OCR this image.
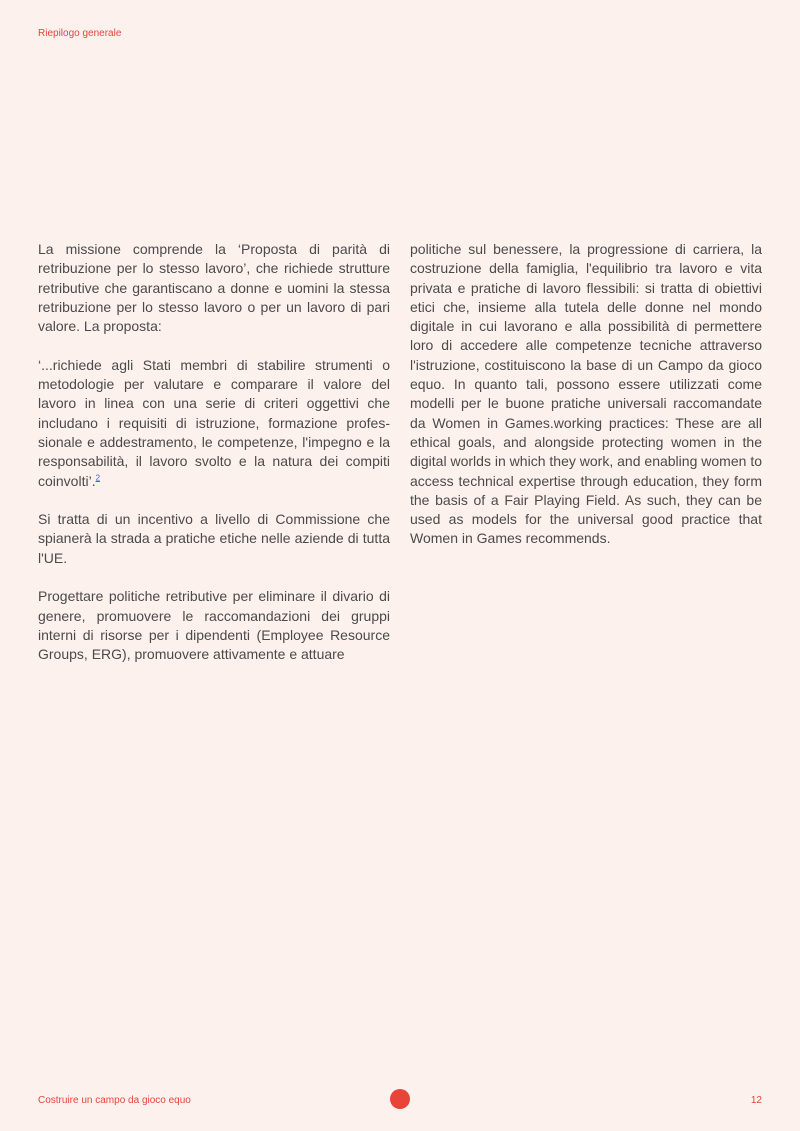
Riepilogo generale

La missione comprende la ‘Proposta di parità di retribuzione per lo stesso lavoro’, che richiede strutture retributive che garantiscano a donne e uomini la stessa retribuzione per lo stesso lavoro o per un lavoro di pari valore. La proposta:

‘...richiede agli Stati membri di stabilire strumenti o metodologie per valutare e comparare il valore del lavoro in linea con una serie di criteri oggettivi che includano i requisiti di istruzione, formazione profes-sionale e addestramento, le competenze, l'impegno e la responsabilità, il lavoro svolto e la natura dei compiti coinvolti’.$^2$

Si tratta di un incentivo a livello di Commissione che spianerà la strada a pratiche etiche nelle aziende di tutta l'UE.

Progettare politiche retributive per eliminare il divario di genere, promuovere le raccomandazioni dei gruppi interni di risorse per i dipendenti (Employee Resource Groups, ERG), promuovere attivamente e attuare

politiche sul benessere, la progressione di carriera, la costruzione della famiglia, l'equilibrio tra lavoro e vita privata e pratiche di lavoro flessibili: si tratta di obiettivi etici che, insieme alla tutela delle donne nel mondo digitale in cui lavorano e alla possibilità di permettere loro di accedere alle competenze tecniche attraverso l'istruzione, costituiscono la base di un Campo da gioco equo. In quanto tali, possono essere utilizzati come modelli per le buone pratiche universali raccomandate da Women in Games.working practices: These are all ethical goals, and alongside protecting women in the digital worlds in which they work, and enabling women to access technical expertise through education, they form the basis of a Fair Playing Field. As such, they can be used as models for the universal good practice that Women in Games recommends.

Costruire un campo da gioco equo	12
